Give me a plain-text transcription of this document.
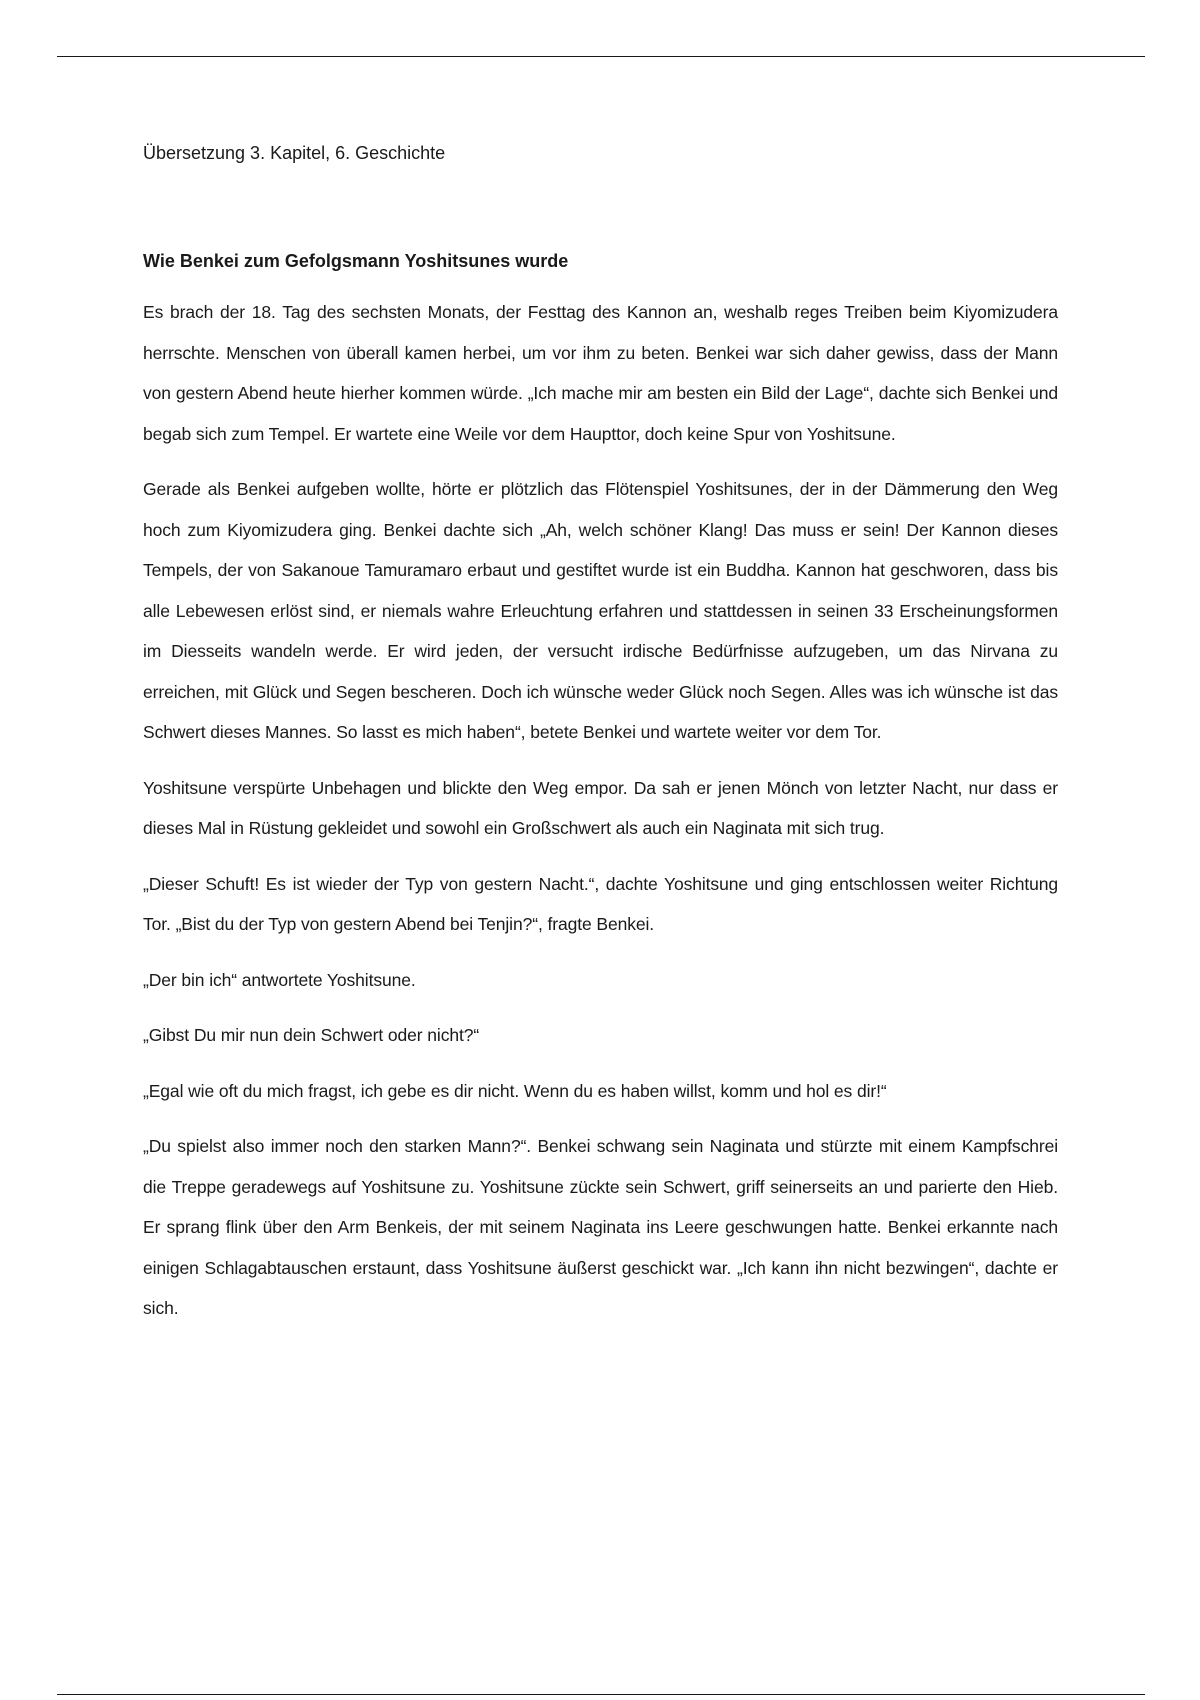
Übersetzung 3. Kapitel, 6. Geschichte

Wie Benkei zum Gefolgsmann Yoshitsunes wurde

Es brach der 18. Tag des sechsten Monats, der Festtag des Kannon an, weshalb reges Treiben beim Kiyomizudera herrschte. Menschen von überall kamen herbei, um vor ihm zu beten. Benkei war sich daher gewiss, dass der Mann von gestern Abend heute hierher kommen würde. „Ich mache mir am besten ein Bild der Lage“, dachte sich Benkei und begab sich zum Tempel. Er wartete eine Weile vor dem Haupttor, doch keine Spur von Yoshitsune.

Gerade als Benkei aufgeben wollte, hörte er plötzlich das Flötenspiel Yoshitsunes, der in der Dämmerung den Weg hoch zum Kiyomizudera ging. Benkei dachte sich „Ah, welch schöner Klang! Das muss er sein! Der Kannon dieses Tempels, der von Sakanoue Tamuramaro erbaut und gestiftet wurde ist ein Buddha. Kannon hat geschworen, dass bis alle Lebewesen erlöst sind, er niemals wahre Erleuchtung erfahren und stattdessen in seinen 33 Erscheinungsformen im Diesseits wandeln werde. Er wird jeden, der versucht irdische Bedürfnisse aufzugeben, um das Nirvana zu erreichen, mit Glück und Segen bescheren. Doch ich wünsche weder Glück noch Segen. Alles was ich wünsche ist das Schwert dieses Mannes. So lasst es mich haben“, betete Benkei und wartete weiter vor dem Tor.

Yoshitsune verspürte Unbehagen und blickte den Weg empor. Da sah er jenen Mönch von letzter Nacht, nur dass er dieses Mal in Rüstung gekleidet und sowohl ein Großschwert als auch ein Naginata mit sich trug.

„Dieser Schuft! Es ist wieder der Typ von gestern Nacht.“, dachte Yoshitsune und ging entschlossen weiter Richtung Tor. „Bist du der Typ von gestern Abend bei Tenjin?“, fragte Benkei.

„Der bin ich“ antwortete Yoshitsune.

„Gibst Du mir nun dein Schwert oder nicht?“

„Egal wie oft du mich fragst, ich gebe es dir nicht. Wenn du es haben willst, komm und hol es dir!“

„Du spielst also immer noch den starken Mann?“. Benkei schwang sein Naginata und stürzte mit einem Kampfschrei die Treppe geradewegs auf Yoshitsune zu. Yoshitsune zückte sein Schwert, griff seinerseits an und parierte den Hieb. Er sprang flink über den Arm Benkeis, der mit seinem Naginata ins Leere geschwungen hatte. Benkei erkannte nach einigen Schlagabtauschen erstaunt, dass Yoshitsune äußerst geschickt war. „Ich kann ihn nicht bezwingen“, dachte er sich.
